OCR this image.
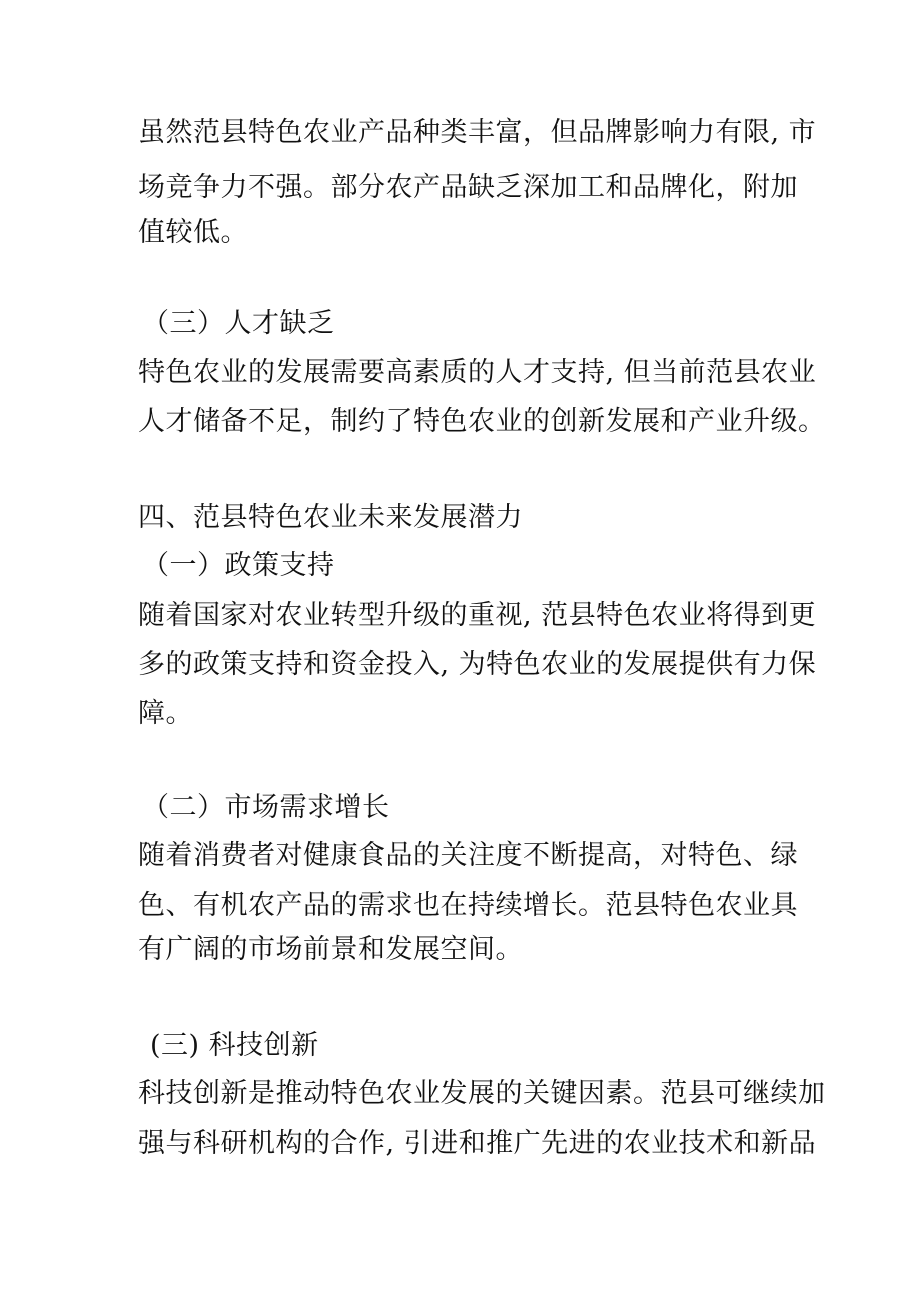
虽然范县特色农业产品种类丰富，但品牌影响力有限, 市

场竞争力不强。部分农产品缺乏深加工和品牌化，附加

值较低。

（三）人才缺乏

特色农业的发展需要高素质的人才支持, 但当前范县农业

人才储备不足，制约了特色农业的创新发展和产业升级。

四、范县特色农业未来发展潜力

（一）政策支持

随着国家对农业转型升级的重视, 范县特色农业将得到更

多的政策支持和资金投入, 为特色农业的发展提供有力保

障。

（二）市场需求增长

随着消费者对健康食品的关注度不断提高，对特色、绿

色、有机农产品的需求也在持续增长。范县特色农业具

有广阔的市场前景和发展空间。

(三) 科技创新

科技创新是推动特色农业发展的关键因素。范县可继续加

强与科研机构的合作, 引进和推广先进的农业技术和新品
